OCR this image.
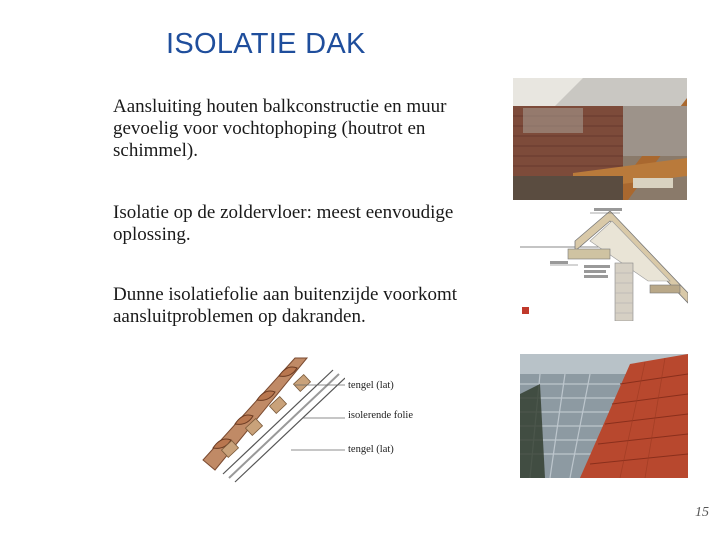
ISOLATIE DAK
Aansluiting houten balkconstructie en muur gevoelig voor vochtophoping (houtrot en schimmel).
Isolatie op de zoldervloer: meest eenvoudige oplossing.
Dunne isolatiefolie aan buitenzijde voorkomt aansluitproblemen op dakranden.
tengel (lat)
isolerende folie
tengel (lat)
15
